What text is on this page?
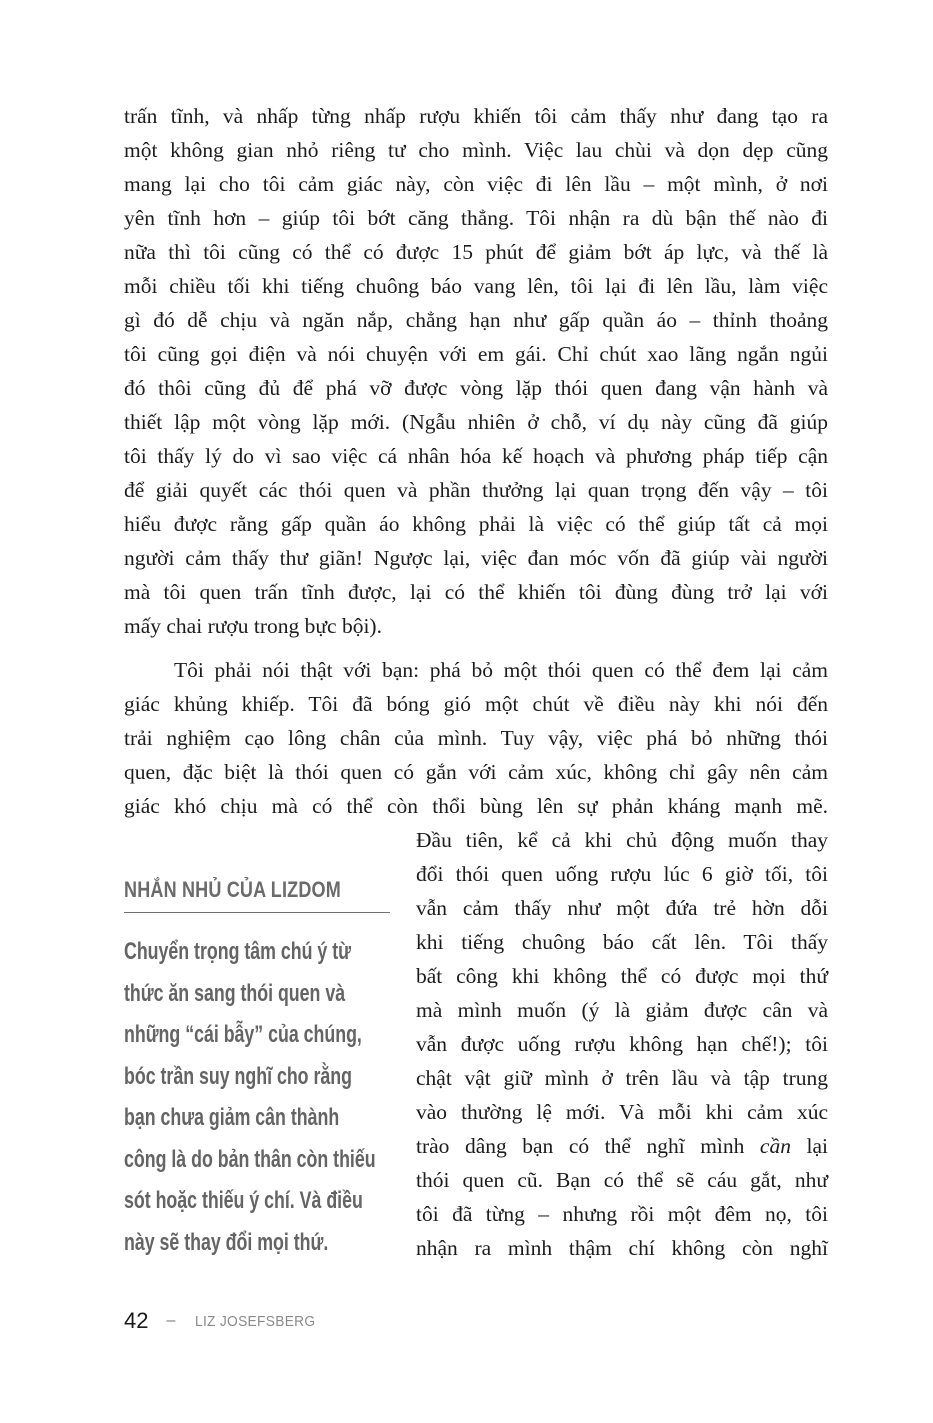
trấn tĩnh, và nhấp từng nhấp rượu khiến tôi cảm thấy như đang tạo ra
một không gian nhỏ riêng tư cho mình. Việc lau chùi và dọn dẹp cũng
mang lại cho tôi cảm giác này, còn việc đi lên lầu – một mình, ở nơi
yên tĩnh hơn – giúp tôi bớt căng thẳng. Tôi nhận ra dù bận thế nào đi
nữa thì tôi cũng có thể có được 15 phút để giảm bớt áp lực, và thế là
mỗi chiều tối khi tiếng chuông báo vang lên, tôi lại đi lên lầu, làm việc
gì đó dễ chịu và ngăn nắp, chẳng hạn như gấp quần áo – thỉnh thoảng
tôi cũng gọi điện và nói chuyện với em gái. Chỉ chút xao lãng ngắn ngủi
đó thôi cũng đủ để phá vỡ được vòng lặp thói quen đang vận hành và
thiết lập một vòng lặp mới. (Ngẫu nhiên ở chỗ, ví dụ này cũng đã giúp
tôi thấy lý do vì sao việc cá nhân hóa kế hoạch và phương pháp tiếp cận
để giải quyết các thói quen và phần thưởng lại quan trọng đến vậy – tôi
hiểu được rằng gấp quần áo không phải là việc có thể giúp tất cả mọi
người cảm thấy thư giãn! Ngược lại, việc đan móc vốn đã giúp vài người
mà tôi quen trấn tĩnh được, lại có thể khiến tôi đùng đùng trở lại với
mấy chai rượu trong bực bội).
Tôi phải nói thật với bạn: phá bỏ một thói quen có thể đem lại cảm
giác khủng khiếp. Tôi đã bóng gió một chút về điều này khi nói đến
trải nghiệm cạo lông chân của mình. Tuy vậy, việc phá bỏ những thói
quen, đặc biệt là thói quen có gắn với cảm xúc, không chỉ gây nên cảm
giác khó chịu mà có thể còn thổi bùng lên sự phản kháng mạnh mẽ.
Đầu tiên, kể cả khi chủ động muốn thay
đổi thói quen uống rượu lúc 6 giờ tối, tôi
vẫn cảm thấy như một đứa trẻ hờn dỗi
khi tiếng chuông báo cất lên. Tôi thấy
bất công khi không thể có được mọi thứ
mà mình muốn (ý là giảm được cân và
vẫn được uống rượu không hạn chế!); tôi
chật vật giữ mình ở trên lầu và tập trung
vào thường lệ mới. Và mỗi khi cảm xúc
trào dâng bạn có thể nghĩ mình cần lại
thói quen cũ. Bạn có thể sẽ cáu gắt, như
tôi đã từng – nhưng rồi một đêm nọ, tôi
nhận ra mình thậm chí không còn nghĩ
NHẮN NHỦ CỦA LIZDOM
Chuyển trọng tâm chú ý từ
thức ăn sang thói quen và
những “cái bẫy” của chúng,
bóc trần suy nghĩ cho rằng
bạn chưa giảm cân thành
công là do bản thân còn thiếu
sót hoặc thiếu ý chí. Và điều
này sẽ thay đổi mọi thứ.
42 – LIZ JOSEFSBERG
